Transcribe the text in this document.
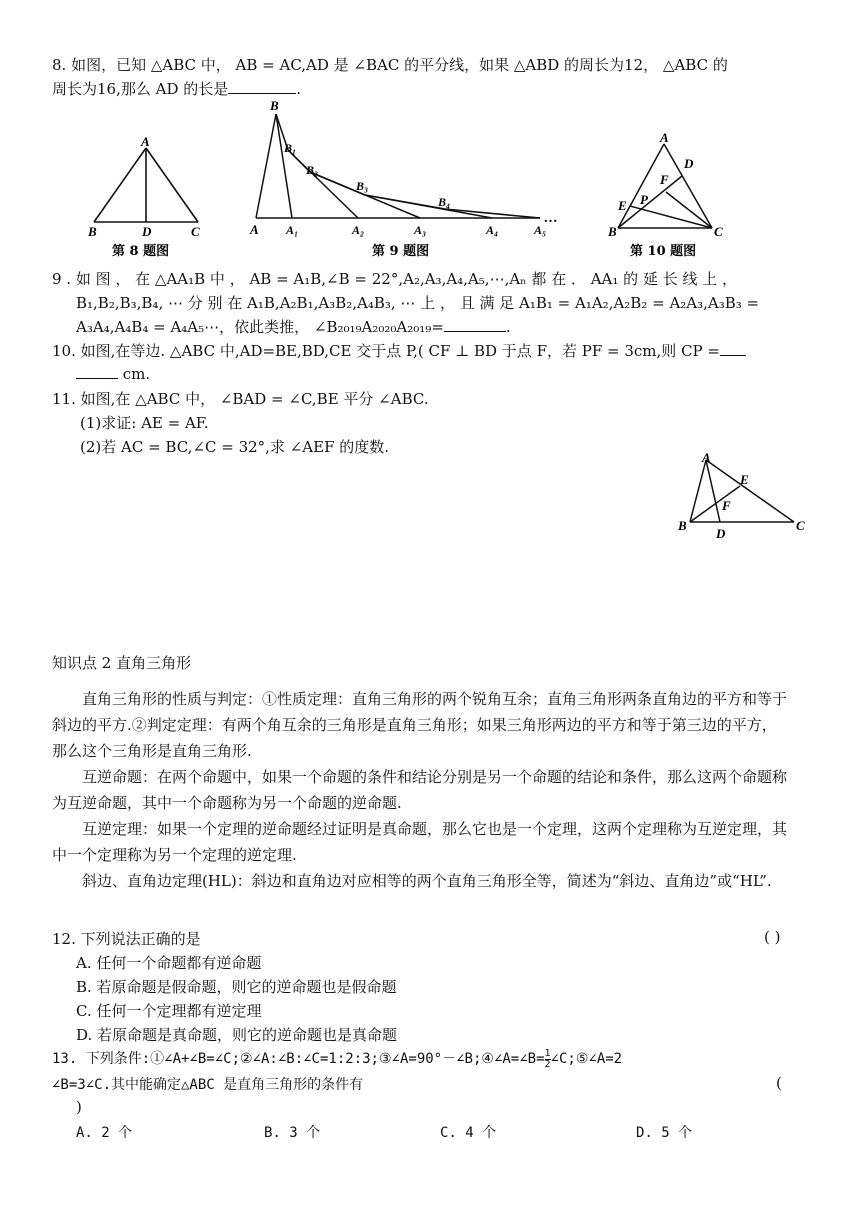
8. 如图，已知 △ABC 中， AB = AC,AD 是 ∠BAC 的平分线，如果 △ABD 的周长为12， △ABC 的
周长为16,那么 AD 的长是	.
A
B	D	C
第 8 题图
B
B₁
B₂
B₃
B₄
A A₁	A₂	A₃	A₄	A₅
…
第 9 题图
A
D
F
P
E
B	C
第 10 题图
9 . 如 图 ， 在 △AA₁B 中 ， AB = A₁B,∠B = 22°,A₂,A₃,A₄,A₅,⋯,Aₙ 都 在 ． AA₁ 的 延 长 线 上 ，
B₁,B₂,B₃,B₄, ⋯ 分 别 在 A₁B,A₂B₁,A₃B₂,A₄B₃, ⋯ 上 ， 且 满 足 A₁B₁ = A₁A₂,A₂B₂ = A₂A₃,A₃B₃ =
A₃A₄,A₄B₄ = A₄A₅⋯，依此类推， ∠B₂₀₁₉A₂₀₂₀A₂₀₁₉=	.
10. 如图,在等边. △ABC 中,AD=BE,BD,CE 交于点 P,( CF ⊥ BD 于点 F，若 PF = 3cm,则 CP =
cm.
11. 如图,在 △ABC 中， ∠BAD = ∠C,BE 平分 ∠ABC.
(1)求证: AE = AF.
(2)若 AC = BC,∠C = 32°,求 ∠AEF 的度数.
A
E
F
B
D
C
知识点 2 直角三角形
直角三角形的性质与判定：①性质定理：直角三角形的两个锐角互余；直角三角形两条直角边的平方和等于斜边的平方.②判定定理：有两个角互余的三角形是直角三角形；如果三角形两边的平方和等于第三边的平方，那么这个三角形是直角三角形.
互逆命题：在两个命题中，如果一个命题的条件和结论分别是另一个命题的结论和条件，那么这两个命题称为互逆命题，其中一个命题称为另一个命题的逆命题.
互逆定理：如果一个定理的逆命题经过证明是真命题，那么它也是一个定理，这两个定理称为互逆定理，其中一个定理称为另一个定理的逆定理.
斜边、直角边定理(HL)：斜边和直角边对应相等的两个直角三角形全等，简述为“斜边、直角边”或“HL”.
12. 下列说法正确的是	( )
A. 任何一个命题都有逆命题
B. 若原命题是假命题，则它的逆命题也是假命题
C. 任何一个定理都有逆定理
D. 若原命题是真命题，则它的逆命题也是真命题
13. 下列条件:①∠A+∠B=∠C;②∠A:∠B:∠C=1:2:3;③∠A=90°－∠B;④∠A=∠B= $\frac{1}{2}$ ∠C;⑤∠A=2
∠B=3∠C.其中能确定△ABC 是直角三角形的条件有	(
)
A. 2 个	B. 3 个	C. 4 个	D. 5 个
